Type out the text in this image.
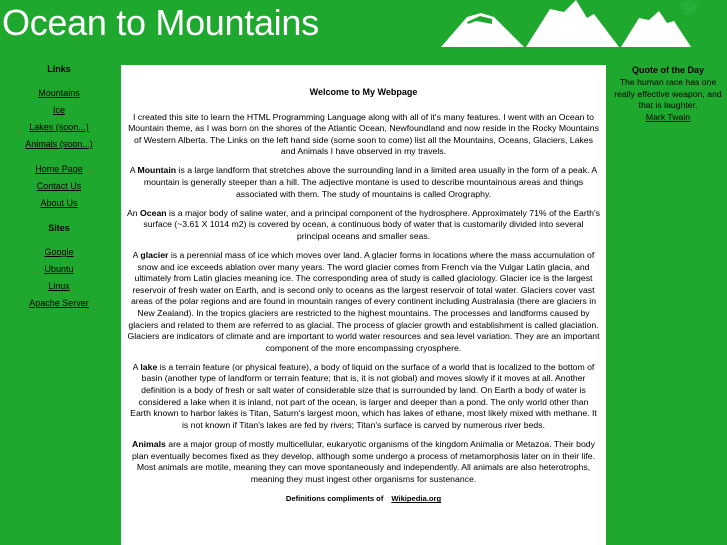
Ocean to Mountains
Links
Mountains
Ice
Lakes (soon...)
Animals (soon...)
Home Page
Contact Us
About Us
Sites
Google
Ubuntu
Linux
Apache Server
Welcome to My Webpage

I created this site to learn the HTML Programming Language along with all of it's many features. I went with an Ocean to Mountain theme, as I was born on the shores of the Atlantic Ocean, Newfoundland and now reside in the Rocky Mountains of Western Alberta. The Links on the left hand side (some soon to come) list all the Mountains, Oceans, Glaciers, Lakes and Animals I have observed in my travels.

A Mountain is a large landform that stretches above the surrounding land in a limited area usually in the form of a peak. A mountain is generally steeper than a hill. The adjective montane is used to describe mountainous areas and things associated with them. The study of mountains is called Orography.

An Ocean is a major body of saline water, and a principal component of the hydrosphere. Approximately 71% of the Earth's surface (~3.61 X 1014 m2) is covered by ocean, a continuous body of water that is customarily divided into several principal oceans and smaller seas.

A glacier is a perennial mass of ice which moves over land. A glacier forms in locations where the mass accumulation of snow and ice exceeds ablation over many years. The word glacier comes from French via the Vulgar Latin glacia, and ultimately from Latin glacies meaning ice. The corresponding area of study is called glaciology. Glacier ice is the largest reservoir of fresh water on Earth, and is second only to oceans as the largest reservoir of total water. Glaciers cover vast areas of the polar regions and are found in mountain ranges of every continent including Australasia (there are glaciers in New Zealand). In the tropics glaciers are restricted to the highest mountains. The processes and landforms caused by glaciers and related to them are referred to as glacial. The process of glacier growth and establishment is called glaciation. Glaciers are indicators of climate and are important to world water resources and sea level variation. They are an important component of the more encompassing cryosphere.

A lake is a terrain feature (or physical feature), a body of liquid on the surface of a world that is localized to the bottom of basin (another type of landform or terrain feature; that is, it is not global) and moves slowly if it moves at all. Another definition is a body of fresh or salt water of considerable size that is surrounded by land. On Earth a body of water is considered a lake when it is inland, not part of the ocean, is larger and deeper than a pond. The only world other than Earth known to harbor lakes is Titan, Saturn's largest moon, which has lakes of ethane, most likely mixed with methane. It is not known if Titan's lakes are fed by rivers; Titan's surface is carved by numerous river beds.

Animals are a major group of mostly multicellular, eukaryotic organisms of the kingdom Animalia or Metazoa. Their body plan eventually becomes fixed as they develop, although some undergo a process of metamorphosis later on in their life. Most animals are motile, meaning they can move spontaneously and independently. All animals are also heterotrophs, meaning they must ingest other organisms for sustenance.

Definitions compliments of Wikipedia.org
Quote of the Day
The human race has one really effective weapon, and that is laughter.
Mark Twain
